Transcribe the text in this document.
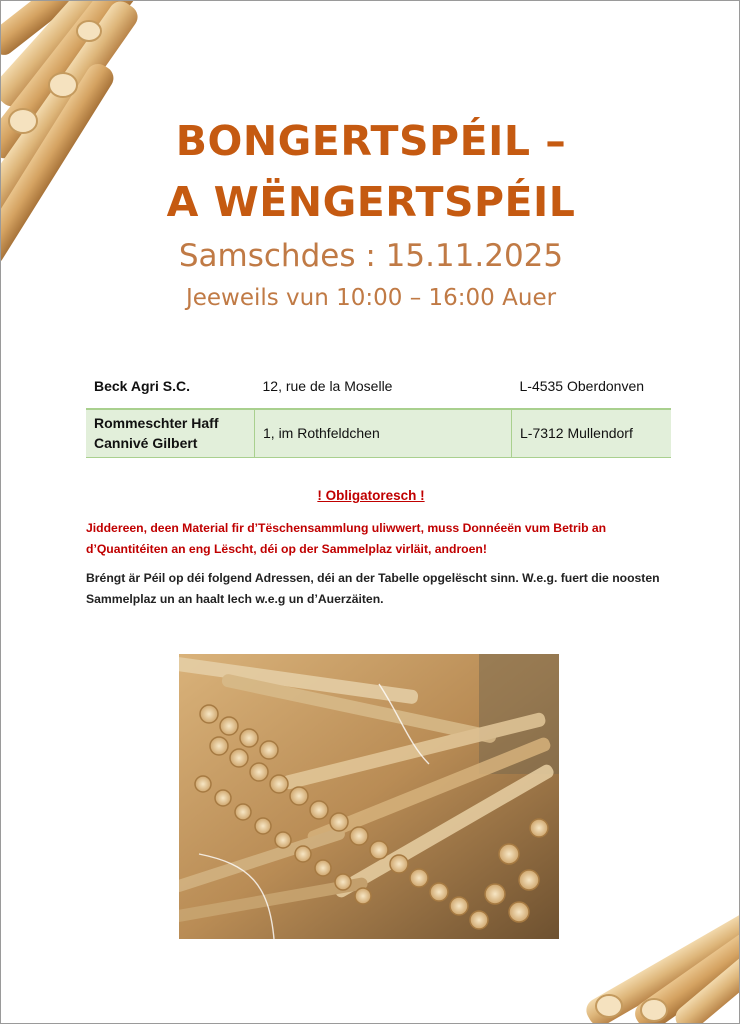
BONGERTSPÉIL –
A WËNGERTSPÉIL
Samschdes : 15.11.2025
Jeeweils vun 10:00 – 16:00 Auer
Beck Agri S.C.	12, rue de la Moselle	L-4535 Oberdonven
Rommeschter Haff
Cannivé Gilbert	1, im Rothfeldchen	L-7312 Mullendorf
! Obligatoresch !
Jiddereen, deen Material fir d’Tëschensammlung uliwwert, muss Donnéeën vum Betrib an d’Quantitéiten an eng Lëscht, déi op der Sammelplaz virläit, androen!
Bréngt är Péil op déi folgend Adressen, déi an der Tabelle opgelëscht sinn. W.e.g. fuert die noosten Sammelplaz un an haalt Iech w.e.g un d’Auerzäiten.
